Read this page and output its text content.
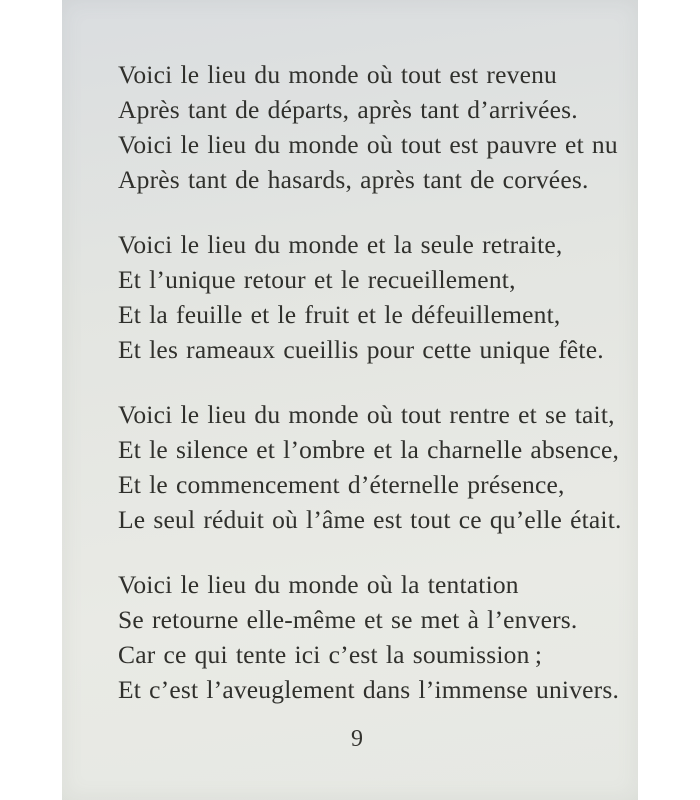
Voici le lieu du monde où tout est revenu
Après tant de départs, après tant d’arrivées.
Voici le lieu du monde où tout est pauvre et nu
Après tant de hasards, après tant de corvées.
Voici le lieu du monde et la seule retraite,
Et l’unique retour et le recueillement,
Et la feuille et le fruit et le défeuillement,
Et les rameaux cueillis pour cette unique fête.
Voici le lieu du monde où tout rentre et se tait,
Et le silence et l’ombre et la charnelle absence,
Et le commencement d’éternelle présence,
Le seul réduit où l’âme est tout ce qu’elle était.
Voici le lieu du monde où la tentation
Se retourne elle-même et se met à l’envers.
Car ce qui tente ici c’est la soumission ;
Et c’est l’aveuglement dans l’immense univers.
9
